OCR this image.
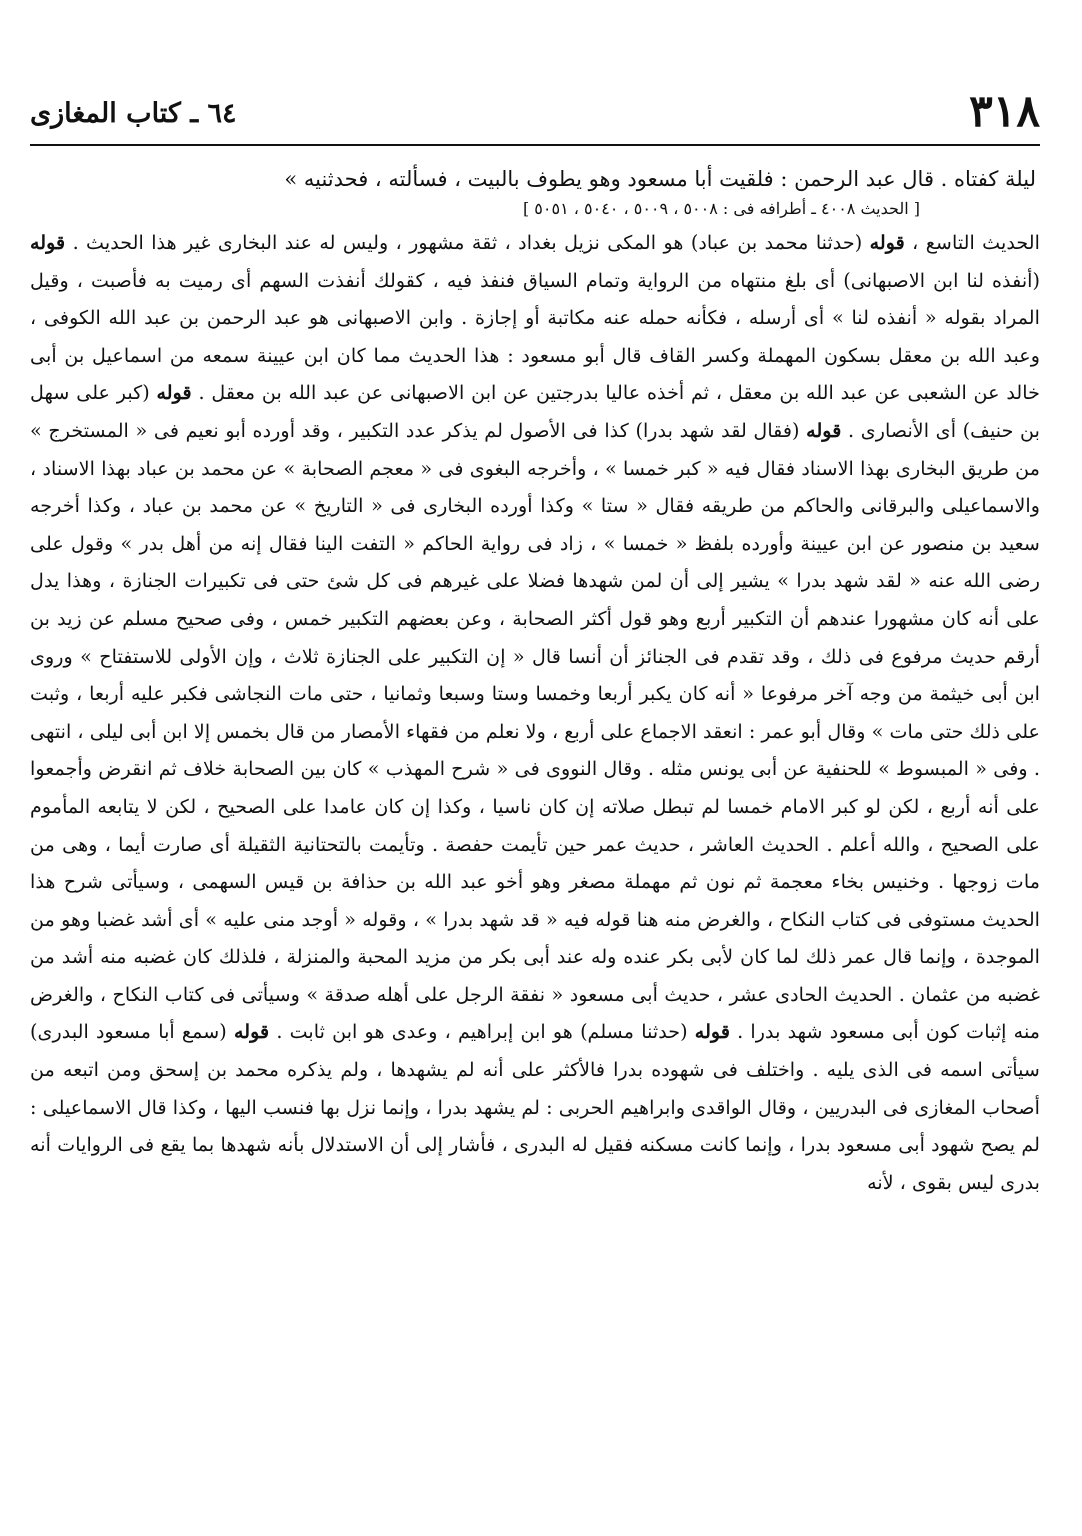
٣١٨
٦٤ ـ كتاب المغازى
ليلة كفتاه . قال عبد الرحمن : فلقيت أبا مسعود وهو يطوف بالبيت ، فسألته ، فحدثنيه »
[ الحديث ٤٠٠٨ ـ أطرافه فى : ٥٠٠٨ ، ٥٠٠٩ ، ٥٠٤٠ ، ٥٠٥١ ]
الحديث التاسع ، قوله (حدثنا محمد بن عباد) هو المكى نزيل بغداد ، ثقة مشهور ، وليس له عند البخارى غير هذا الحديث . قوله (أنفذه لنا ابن الاصبهانى) أى بلغ منتهاه من الرواية وتمام السياق فنفذ فيه ، كقولك أنفذت السهم أى رميت به فأصبت ، وقيل المراد بقوله « أنفذه لنا » أى أرسله ، فكأنه حمله عنه مكاتبة أو إجازة . وابن الاصبهانى هو عبد الرحمن بن عبد الله الكوفى ، وعبد الله بن معقل بسكون المهملة وكسر القاف قال أبو مسعود : هذا الحديث مما كان ابن عيينة سمعه من اسماعيل بن أبى خالد عن الشعبى عن عبد الله بن معقل ، ثم أخذه عاليا بدرجتين عن ابن الاصبهانى عن عبد الله بن معقل . قوله (كبر على سهل بن حنيف) أى الأنصارى . قوله (فقال لقد شهد بدرا) كذا فى الأصول لم يذكر عدد التكبير ، وقد أورده أبو نعيم فى « المستخرج » من طريق البخارى بهذا الاسناد فقال فيه « كبر خمسا » ، وأخرجه البغوى فى « معجم الصحابة » عن محمد بن عباد بهذا الاسناد ، والاسماعيلى والبرقانى والحاكم من طريقه فقال « ستا » وكذا أورده البخارى فى « التاريخ » عن محمد بن عباد ، وكذا أخرجه سعيد بن منصور عن ابن عيينة وأورده بلفظ « خمسا » ، زاد فى رواية الحاكم « التفت الينا فقال إنه من أهل بدر » وقول على رضى الله عنه « لقد شهد بدرا » يشير إلى أن لمن شهدها فضلا على غيرهم فى كل شئ حتى فى تكبيرات الجنازة ، وهذا يدل على أنه كان مشهورا عندهم أن التكبير أربع وهو قول أكثر الصحابة ، وعن بعضهم التكبير خمس ، وفى صحيح مسلم عن زيد بن أرقم حديث مرفوع فى ذلك ، وقد تقدم فى الجنائز أن أنسا قال « إن التكبير على الجنازة ثلاث ، وإن الأولى للاستفتاح » وروى ابن أبى خيثمة من وجه آخر مرفوعا « أنه كان يكبر أربعا وخمسا وستا وسبعا وثمانيا ، حتى مات النجاشى فكبر عليه أربعا ، وثبت على ذلك حتى مات » وقال أبو عمر : انعقد الاجماع على أربع ، ولا نعلم من فقهاء الأمصار من قال بخمس إلا ابن أبى ليلى ، انتهى . وفى « المبسوط » للحنفية عن أبى يونس مثله . وقال النووى فى « شرح المهذب » كان بين الصحابة خلاف ثم انقرض وأجمعوا على أنه أربع ، لكن لو كبر الامام خمسا لم تبطل صلاته إن كان ناسيا ، وكذا إن كان عامدا على الصحيح ، لكن لا يتابعه المأموم على الصحيح ، والله أعلم . الحديث العاشر ، حديث عمر حين تأيمت حفصة . وتأيمت بالتحتانية الثقيلة أى صارت أيما ، وهى من مات زوجها . وخنيس بخاء معجمة ثم نون ثم مهملة مصغر وهو أخو عبد الله بن حذافة بن قيس السهمى ، وسيأتى شرح هذا الحديث مستوفى فى كتاب النكاح ، والغرض منه هنا قوله فيه « قد شهد بدرا » ، وقوله « أوجد منى عليه » أى أشد غضبا وهو من الموجدة ، وإنما قال عمر ذلك لما كان لأبى بكر عنده وله عند أبى بكر من مزيد المحبة والمنزلة ، فلذلك كان غضبه منه أشد من غضبه من عثمان . الحديث الحادى عشر ، حديث أبى مسعود « نفقة الرجل على أهله صدقة » وسيأتى فى كتاب النكاح ، والغرض منه إثبات كون أبى مسعود شهد بدرا . قوله (حدثنا مسلم) هو ابن إبراهيم ، وعدى هو ابن ثابت . قوله (سمع أبا مسعود البدرى) سيأتى اسمه فى الذى يليه . واختلف فى شهوده بدرا فالأكثر على أنه لم يشهدها ، ولم يذكره محمد بن إسحق ومن اتبعه من أصحاب المغازى فى البدريين ، وقال الواقدى وابراهيم الحربى : لم يشهد بدرا ، وإنما نزل بها فنسب اليها ، وكذا قال الاسماعيلى : لم يصح شهود أبى مسعود بدرا ، وإنما كانت مسكنه فقيل له البدرى ، فأشار إلى أن الاستدلال بأنه شهدها بما يقع فى الروايات أنه بدرى ليس بقوى ، لأنه
